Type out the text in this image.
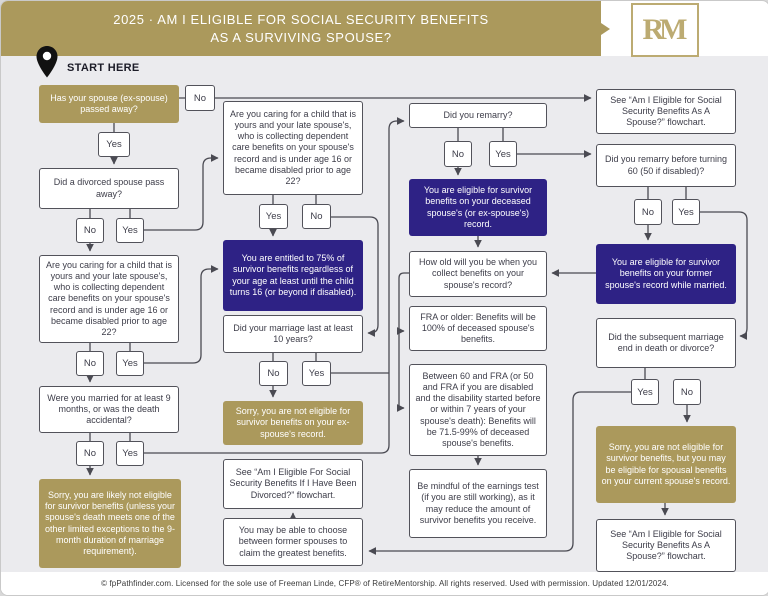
2025 · AM I ELIGIBLE FOR SOCIAL SECURITY BENEFITS
AS A SURVIVING SPOUSE?	RM
START HERE
Has your spouse (ex-spouse) passed away?
Did a divorced spouse pass away?
Are you caring for a child that is yours and your late spouse's, who is collecting dependent care benefits on your spouse's record and is under age 16 or became disabled prior to age 22?
Were you married for at least 9 months, or was the death accidental?
Sorry, you are likely not eligible for survivor benefits (unless your spouse's death meets one of the other limited exceptions to the 9-month duration of marriage requirement).
Are you caring for a child that is yours and your late spouse's, who is collecting dependent care benefits on your spouse's record and is under age 16 or became disabled prior to age 22?
You are entitled to 75% of survivor benefits regardless of your age at least until the child turns 16 (or beyond if disabled).
Did your marriage last at least 10 years?
Sorry, you are not eligible for survivor benefits on your ex-spouse's record.
See “Am I Eligible For Social Security Benefits If I Have Been Divorced?” flowchart.
You may be able to choose between former spouses to claim the greatest benefits.
Did you remarry?
You are eligible for survivor benefits on your deceased spouse's (or ex-spouse's) record.
How old will you be when you collect benefits on your spouse's record?
FRA or older: Benefits will be 100% of deceased spouse's benefits.
Between 60 and FRA (or 50 and FRA if you are disabled and the disability started before or within 7 years of your spouse's death): Benefits will be 71.5-99% of deceased spouse's benefits.
Be mindful of the earnings test (if you are still working), as it may reduce the amount of survivor benefits you receive.
See “Am I Eligible for Social Security Benefits As A Spouse?” flowchart.
Did you remarry before turning 60 (50 if disabled)?
You are eligible for survivor benefits on your former spouse's record while married.
Did the subsequent marriage end in death or divorce?
Sorry, you are not eligible for survivor benefits, but you may be eligible for spousal benefits on your current spouse's record.
See “Am I Eligible for Social Security Benefits As A Spouse?” flowchart.
No
Yes
No	Yes
No	Yes
No	Yes
Yes	No
No	Yes
No	Yes
No	Yes
Yes	No
© fpPathfinder.com. Licensed for the sole use of Freeman Linde, CFP® of RetireMentorship. All rights reserved. Used with permission. Updated 12/01/2024.
